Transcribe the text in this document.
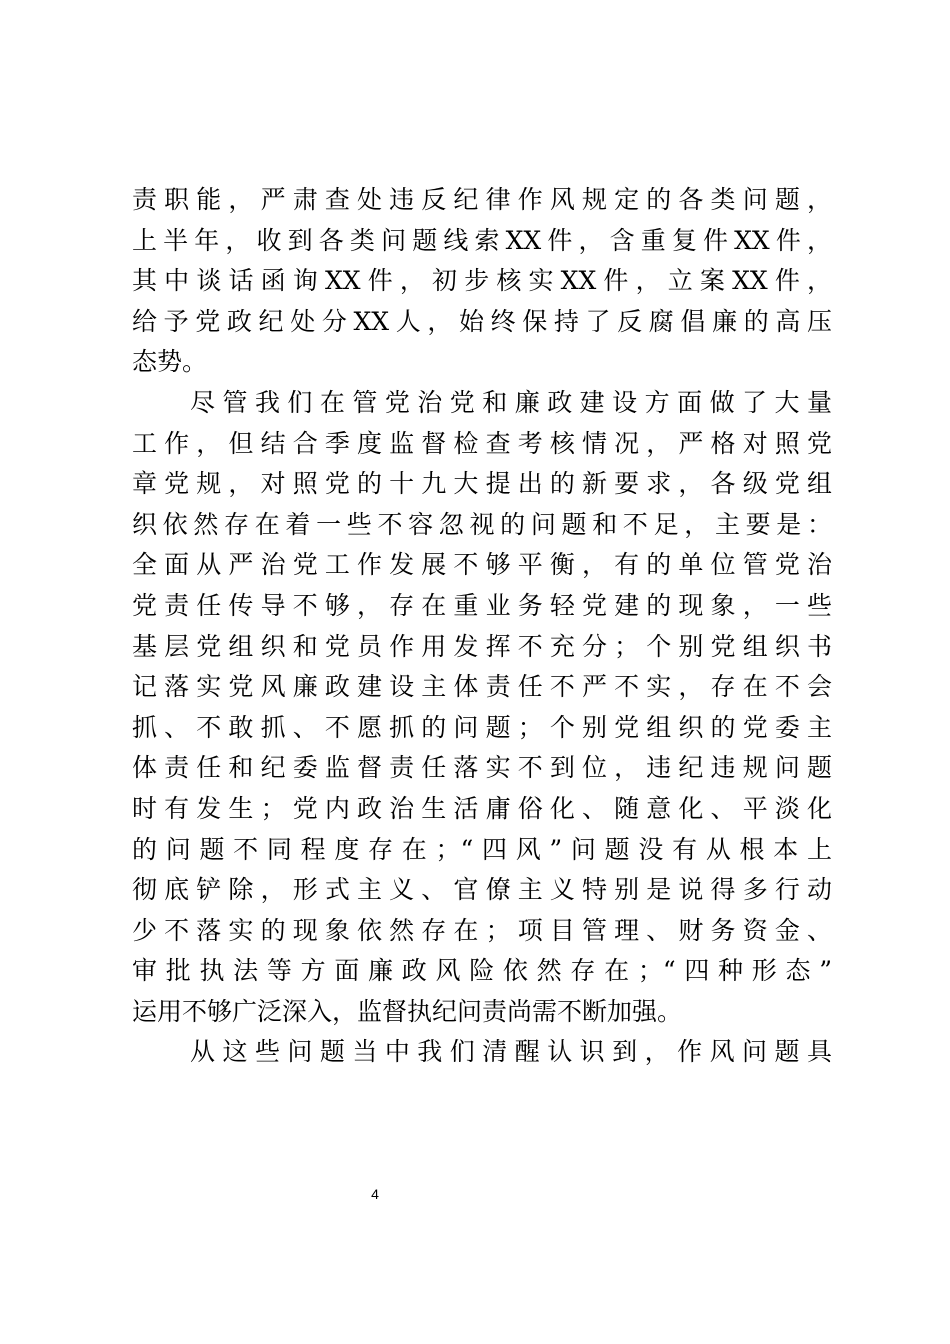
责职能，严肃查处违反纪律作风规定的各类问题，
上半年，收到各类问题线索XX件，含重复件XX件，
其中谈话函询XX件，初步核实XX件，立案XX件，
给予党政纪处分XX人，始终保持了反腐倡廉的高压
态势。
尽管我们在管党治党和廉政建设方面做了大量
工作，但结合季度监督检查考核情况，严格对照党
章党规，对照党的十九大提出的新要求，各级党组
织依然存在着一些不容忽视的问题和不足，主要是：
全面从严治党工作发展不够平衡，有的单位管党治
党责任传导不够，存在重业务轻党建的现象，一些
基层党组织和党员作用发挥不充分；个别党组织书
记落实党风廉政建设主体责任不严不实，存在不会
抓、不敢抓、不愿抓的问题；个别党组织的党委主
体责任和纪委监督责任落实不到位，违纪违规问题
时有发生；党内政治生活庸俗化、随意化、平淡化
的问题不同程度存在；“四风”问题没有从根本上
彻底铲除，形式主义、官僚主义特别是说得多行动
少不落实的现象依然存在；项目管理、财务资金、
审批执法等方面廉政风险依然存在；“四种形态”
运用不够广泛深入，监督执纪问责尚需不断加强。
从这些问题当中我们清醒认识到，作风问题具
4
